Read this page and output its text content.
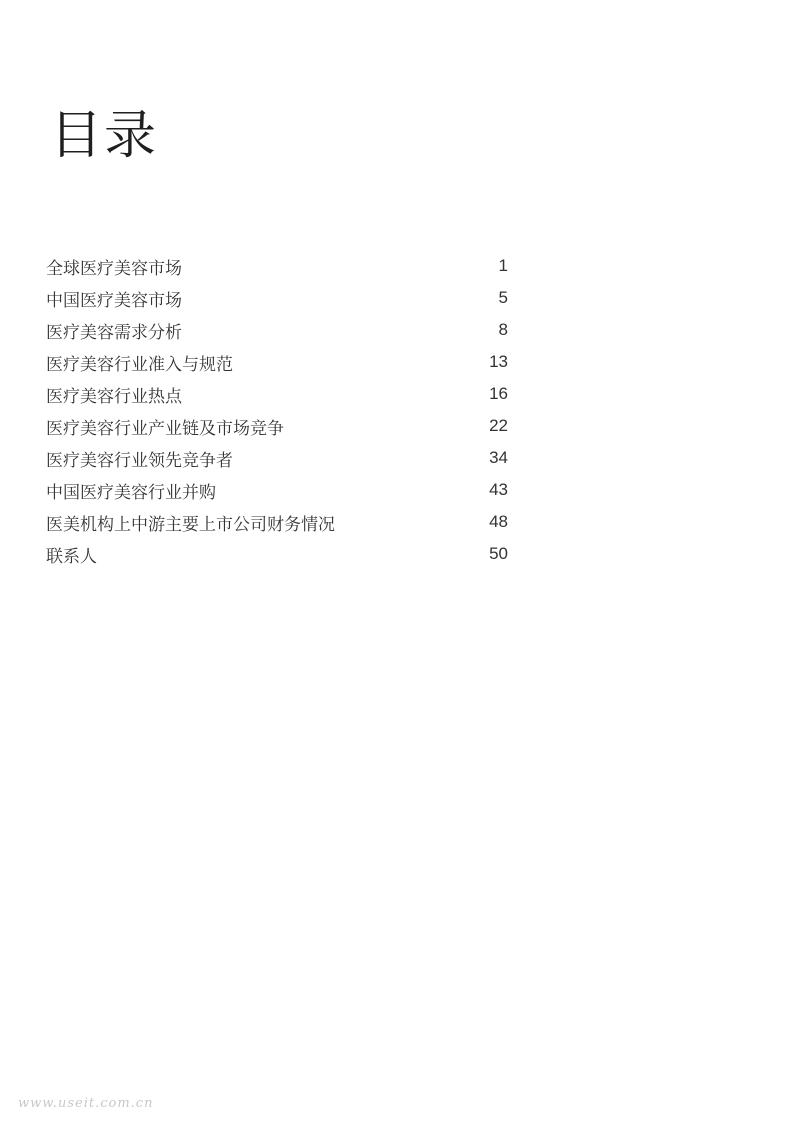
目录
全球医疗美容市场	1
中国医疗美容市场	5
医疗美容需求分析	8
医疗美容行业准入与规范	13
医疗美容行业热点	16
医疗美容行业产业链及市场竞争	22
医疗美容行业领先竞争者	34
中国医疗美容行业并购	43
医美机构上中游主要上市公司财务情况	48
联系人	50
www.useit.com.cn
